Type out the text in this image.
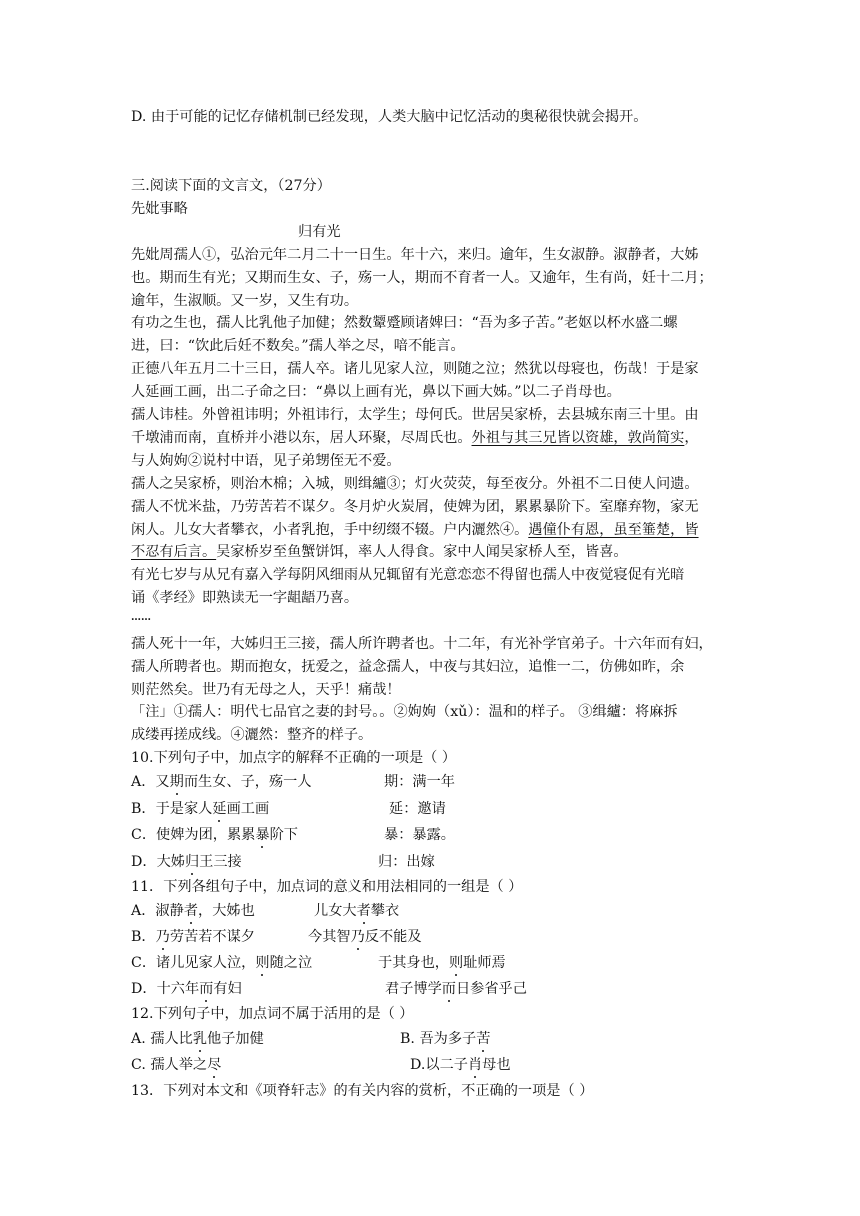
D. 由于可能的记忆存储机制已经发现，人类大脑中记忆活动的奥秘很快就会揭开。
三.阅读下面的文言文，（27分）
先妣事略
归有光
先妣周孺人①，弘治元年二月二十一日生。年十六，来归。逾年，生女淑静。淑静者，大姊
也。期而生有光；又期而生女、子，殇一人，期而不育者一人。又逾年，生有尚，妊十二月；
逾年，生淑顺。又一岁，又生有功。
有功之生也，孺人比乳他子加健；然数颦蹙顾诸婢曰：“吾为多子苦。”老妪以杯水盛二螺
进，曰：“饮此后妊不数矣。”孺人举之尽，喑不能言。
正德八年五月二十三日，孺人卒。诸儿见家人泣，则随之泣；然犹以母寝也，伤哉！于是家
人延画工画，出二子命之曰：“鼻以上画有光，鼻以下画大姊。”以二子肖母也。
孺人讳桂。外曾祖讳明；外祖讳行，太学生；母何氏。世居吴家桥，去县城东南三十里。由
千墩浦而南，直桥并小港以东，居人环聚，尽周氏也。外祖与其三兄皆以资雄，敦尚简实，
与人姁姁②说村中语，见子弟甥侄无不爱。
孺人之吴家桥，则治木棉；入城，则缉纑③；灯火荧荧，每至夜分。外祖不二日使人问遗。
孺人不忧米盐，乃劳苦若不谋夕。冬月炉火炭屑，使婢为团，累累暴阶下。室靡弃物，家无
闲人。儿女大者攀衣，小者乳抱，手中纫缀不辍。户内灑然④。遇僮仆有恩，虽至箠楚，皆
不忍有后言。吴家桥岁至鱼蟹饼饵，率人人得食。家中人闻吴家桥人至，皆喜。
有光七岁与从兄有嘉入学每阴风细雨从兄辄留有光意恋恋不得留也孺人中夜觉寝促有光暗
诵《孝经》即熟读无一字龃龉乃喜。
……
孺人死十一年，大姊归王三接，孺人所许聘者也。十二年，有光补学官弟子。十六年而有妇，
孺人所聘者也。期而抱女，抚爱之，益念孺人，中夜与其妇泣，追惟一二，仿佛如昨，余
则茫然矣。世乃有无母之人，天乎！痛哉！
「注」①孺人：明代七品官之妻的封号。。②姁姁（xǔ）：温和的样子。 ③缉纑：将麻拆
成缕再搓成线。④灑然：整齐的样子。
10.下列句子中，加点字的解释不正确的一项是（ ）
A．又期而生女、子，殇一人	期：满一年
B．于是家人延画工画	延：邀请
C．使婢为团，累累暴阶下	暴：暴露。
D．大姊归王三接	归：出嫁
11．下列各组句子中，加点词的意义和用法相同的一组是（ ）
A．淑静者，大姊也	儿女大者攀衣
B．乃劳苦若不谋夕	今其智乃反不能及
C．诸儿见家人泣，则随之泣	于其身也，则耻师焉
D．十六年而有妇	君子博学而日参省乎己
12.下列句子中，加点词不属于活用的是（ ）
A. 孺人比乳他子加健	B. 吾为多子苦
C. 孺人举之尽	D.以二子肖母也
13．下列对本文和《项脊轩志》的有关内容的赏析，不正确的一项是（ ）
